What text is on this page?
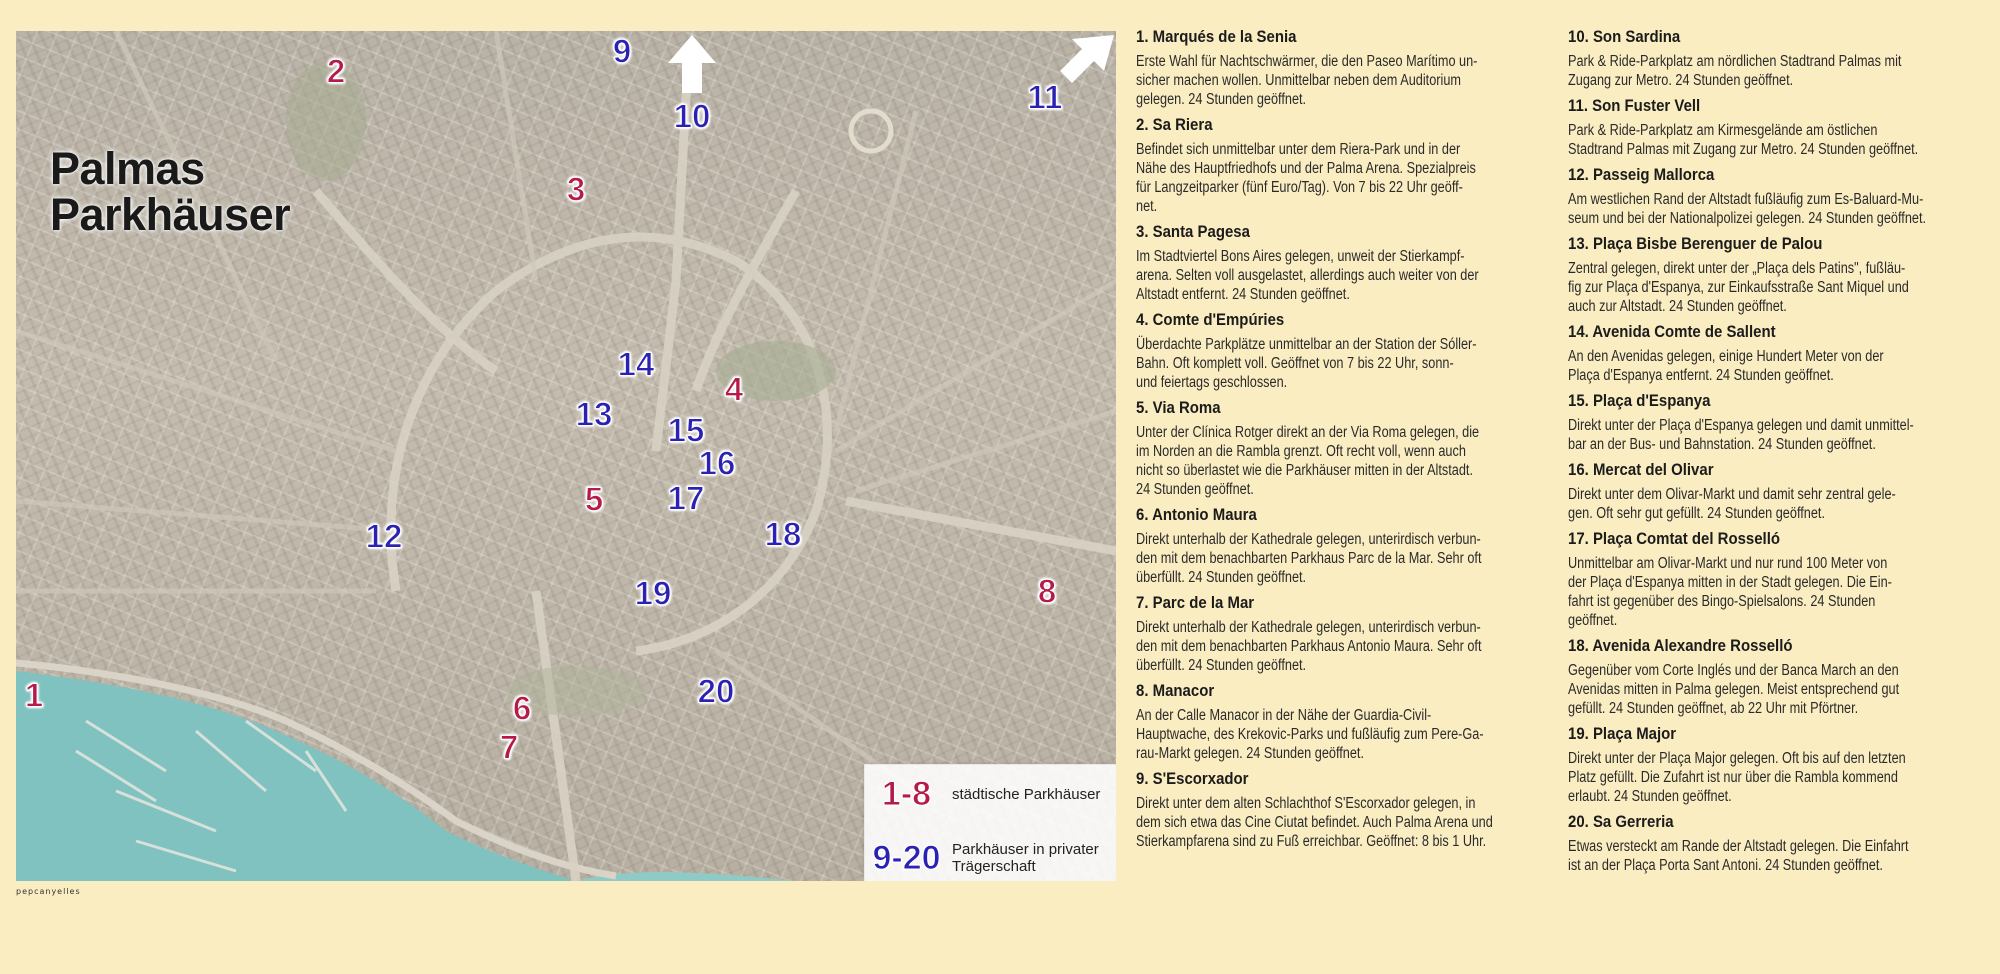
Palmas
Parkhäuser
1
2
3
4
5
6
7
8
9
10
11
12
13
14
15
16
17
18
19
20
1-8	städtische Parkhäuser
9-20 Parkhäuser in privater Trägerschaft
pepcanyelles
1. Marqués de la Senia

Erste Wahl für Nachtschwärmer, die den Paseo Marítimo un-
sicher machen wollen. Unmittelbar neben dem Auditorium
gelegen. 24 Stunden geöffnet.

2. Sa Riera

Befindet sich unmittelbar unter dem Riera-Park und in der
Nähe des Hauptfriedhofs und der Palma Arena. Spezialpreis
für Langzeitparker (fünf Euro/Tag). Von 7 bis 22 Uhr geöff-
net.

3. Santa Pagesa

Im Stadtviertel Bons Aires gelegen, unweit der Stierkampf-
arena. Selten voll ausgelastet, allerdings auch weiter von der
Altstadt entfernt. 24 Stunden geöffnet.

4. Comte d'Empúries

Überdachte Parkplätze unmittelbar an der Station der Sóller-
Bahn. Oft komplett voll. Geöffnet von 7 bis 22 Uhr, sonn-
und feiertags geschlossen.

5. Via Roma

Unter der Clínica Rotger direkt an der Via Roma gelegen, die
im Norden an die Rambla grenzt. Oft recht voll, wenn auch
nicht so überlastet wie die Parkhäuser mitten in der Altstadt.
24 Stunden geöffnet.

6. Antonio Maura

Direkt unterhalb der Kathedrale gelegen, unterirdisch verbun-
den mit dem benachbarten Parkhaus Parc de la Mar. Sehr oft
überfüllt. 24 Stunden geöffnet.

7. Parc de la Mar

Direkt unterhalb der Kathedrale gelegen, unterirdisch verbun-
den mit dem benachbarten Parkhaus Antonio Maura. Sehr oft
überfüllt. 24 Stunden geöffnet.

8. Manacor

An der Calle Manacor in der Nähe der Guardia-Civil-
Hauptwache, des Krekovic-Parks und fußläufig zum Pere-Ga-
rau-Markt gelegen. 24 Stunden geöffnet.

9. S'Escorxador

Direkt unter dem alten Schlachthof S'Escorxador gelegen, in
dem sich etwa das Cine Ciutat befindet. Auch Palma Arena und
Stierkampfarena sind zu Fuß erreichbar. Geöffnet: 8 bis 1 Uhr.

10. Son Sardina

Park & Ride-Parkplatz am nördlichen Stadtrand Palmas mit
Zugang zur Metro. 24 Stunden geöffnet.

11. Son Fuster Vell

Park & Ride-Parkplatz am Kirmesgelände am östlichen
Stadtrand Palmas mit Zugang zur Metro. 24 Stunden geöffnet.

12. Passeig Mallorca

Am westlichen Rand der Altstadt fußläufig zum Es-Baluard-Mu-
seum und bei der Nationalpolizei gelegen. 24 Stunden geöffnet.

13. Plaça Bisbe Berenguer de Palou

Zentral gelegen, direkt unter der „Plaça dels Patins", fußläu-
fig zur Plaça d'Espanya, zur Einkaufsstraße Sant Miquel und
auch zur Altstadt. 24 Stunden geöffnet.

14. Avenida Comte de Sallent

An den Avenidas gelegen, einige Hundert Meter von der
Plaça d'Espanya entfernt. 24 Stunden geöffnet.

15. Plaça d'Espanya

Direkt unter der Plaça d'Espanya gelegen und damit unmittel-
bar an der Bus- und Bahnstation. 24 Stunden geöffnet.

16. Mercat del Olivar

Direkt unter dem Olivar-Markt und damit sehr zentral gele-
gen. Oft sehr gut gefüllt. 24 Stunden geöffnet.

17. Plaça Comtat del Rosselló

Unmittelbar am Olivar-Markt und nur rund 100 Meter von
der Plaça d'Espanya mitten in der Stadt gelegen. Die Ein-
fahrt ist gegenüber des Bingo-Spielsalons. 24 Stunden
geöffnet.

18. Avenida Alexandre Rosselló

Gegenüber vom Corte Inglés und der Banca March an den
Avenidas mitten in Palma gelegen. Meist entsprechend gut
gefüllt. 24 Stunden geöffnet, ab 22 Uhr mit Pförtner.

19. Plaça Major

Direkt unter der Plaça Major gelegen. Oft bis auf den letzten
Platz gefüllt. Die Zufahrt ist nur über die Rambla kommend
erlaubt. 24 Stunden geöffnet.

20. Sa Gerreria

Etwas versteckt am Rande der Altstadt gelegen. Die Einfahrt
ist an der Plaça Porta Sant Antoni. 24 Stunden geöffnet.
